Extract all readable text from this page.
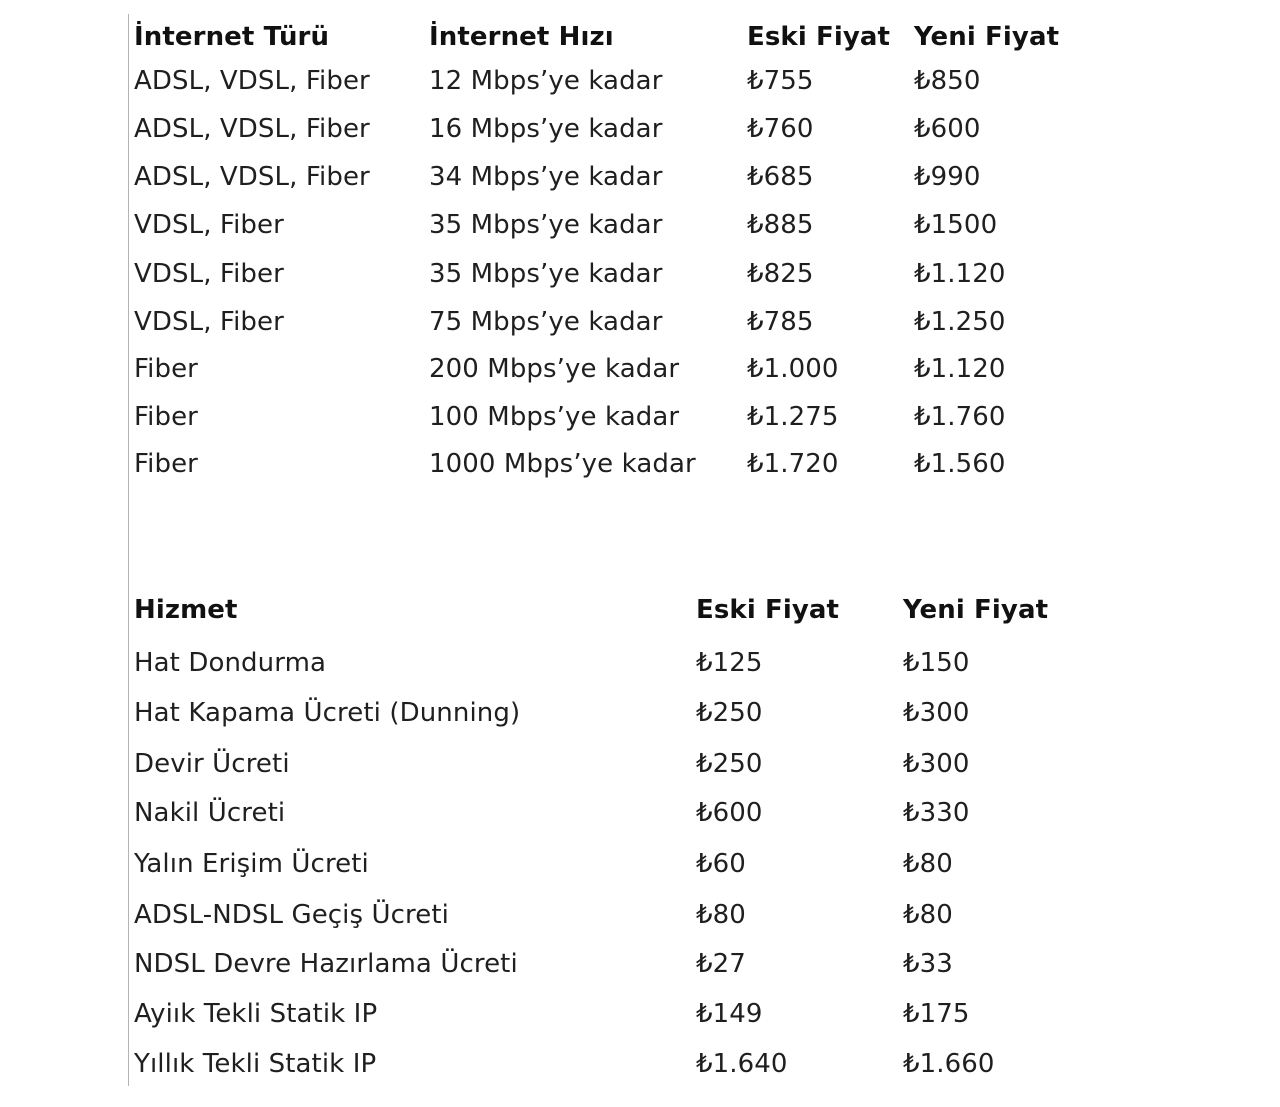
İnternet Türü	İnternet Hızı	Eski Fiyat Yeni Fiyat
ADSL, VDSL, Fiber 12 Mbps’ye kadar	₺755	₺850
ADSL, VDSL, Fiber 16 Mbps’ye kadar	₺760	₺600
ADSL, VDSL, Fiber 34 Mbps’ye kadar	₺685	₺990
VDSL, Fiber	35 Mbps’ye kadar	₺885	₺1500
VDSL, Fiber	35 Mbps’ye kadar	₺825	₺1.120
VDSL, Fiber	75 Mbps’ye kadar	₺785	₺1.250
Fiber	200 Mbps’ye kadar	₺1.000	₺1.120
Fiber	100 Mbps’ye kadar	₺1.275	₺1.760
Fiber	1000 Mbps’ye kadar ₺1.720	₺1.560
Hizmet	Eski Fiyat Yeni Fiyat
Hat Dondurma	₺125	₺150
Hat Kapama Ücreti (Dunning)	₺250	₺300
Devir Ücreti	₺250	₺300
Nakil Ücreti	₺600	₺330
Yalın Erişim Ücreti	₺60	₺80
ADSL-NDSL Geçiş Ücreti	₺80	₺80
NDSL Devre Hazırlama Ücreti	₺27	₺33
Ayiık Tekli Statik IP	₺149	₺175
Yıllık Tekli Statik IP	₺1.640	₺1.660
